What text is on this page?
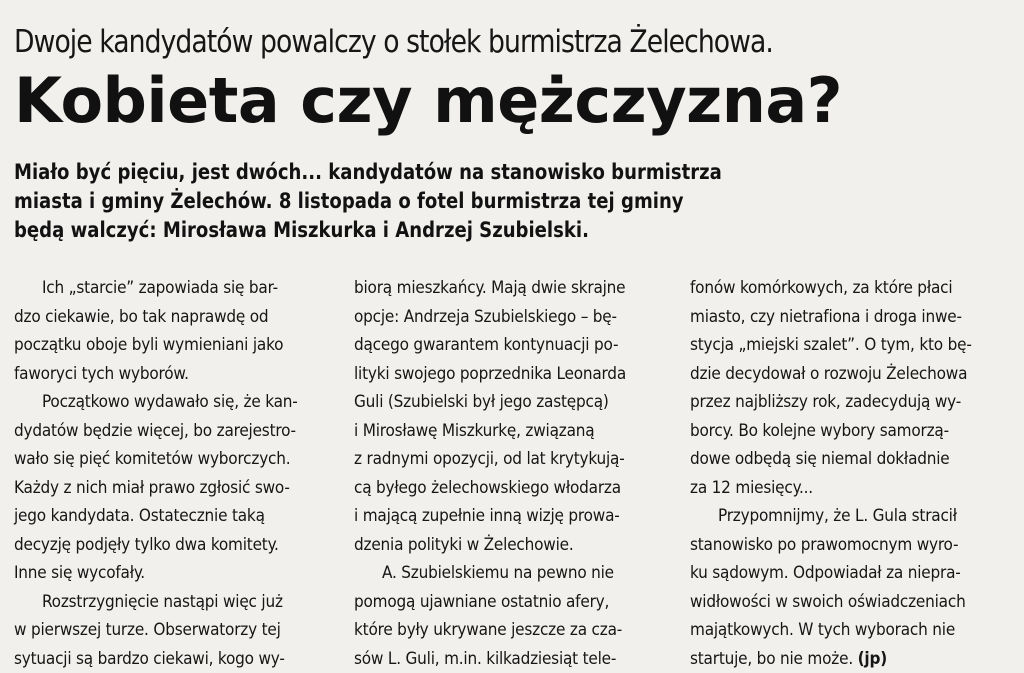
Dwoje kandydatów powalczy o stołek burmistrza Żelechowa.
Kobieta czy mężczyzna?
Miało być pięciu, jest dwóch... kandydatów na stanowisko burmistrza
miasta i gminy Żelechów. 8 listopada o fotel burmistrza tej gminy
będą walczyć: Mirosława Miszkurka i Andrzej Szubielski.
Ich „starcie” zapowiada się bar-
dzo ciekawie, bo tak naprawdę od
początku oboje byli wymieniani jako
faworyci tych wyborów.
Początkowo wydawało się, że kan-
dydatów będzie więcej, bo zarejestro-
wało się pięć komitetów wyborczych.
Każdy z nich miał prawo zgłosić swo-
jego kandydata. Ostatecznie taką
decyzję podjęły tylko dwa komitety.
Inne się wycofały.
Rozstrzygnięcie nastąpi więc już
w pierwszej turze. Obserwatorzy tej
sytuacji są bardzo ciekawi, kogo wy-
biorą mieszkańcy. Mają dwie skrajne
opcje: Andrzeja Szubielskiego – bę-
dącego gwarantem kontynuacji po-
lityki swojego poprzednika Leonarda
Guli (Szubielski był jego zastępcą)
i Mirosławę Miszkurkę, związaną
z radnymi opozycji, od lat krytykują-
cą byłego żelechowskiego włodarza
i mającą zupełnie inną wizję prowa-
dzenia polityki w Żelechowie.
A. Szubielskiemu na pewno nie
pomogą ujawniane ostatnio afery,
które były ukrywane jeszcze za cza-
sów L. Guli, m.in. kilkadziesiąt tele-
fonów komórkowych, za które płaci
miasto, czy nietrafiona i droga inwe-
stycja „miejski szalet”. O tym, kto bę-
dzie decydował o rozwoju Żelechowa
przez najbliższy rok, zadecydują wy-
borcy. Bo kolejne wybory samorzą-
dowe odbędą się niemal dokładnie
za 12 miesięcy...
Przypomnijmy, że L. Gula stracił
stanowisko po prawomocnym wyro-
ku sądowym. Odpowiadał za niepra-
widłowości w swoich oświadczeniach
majątkowych. W tych wyborach nie
startuje, bo nie może. (jp)
